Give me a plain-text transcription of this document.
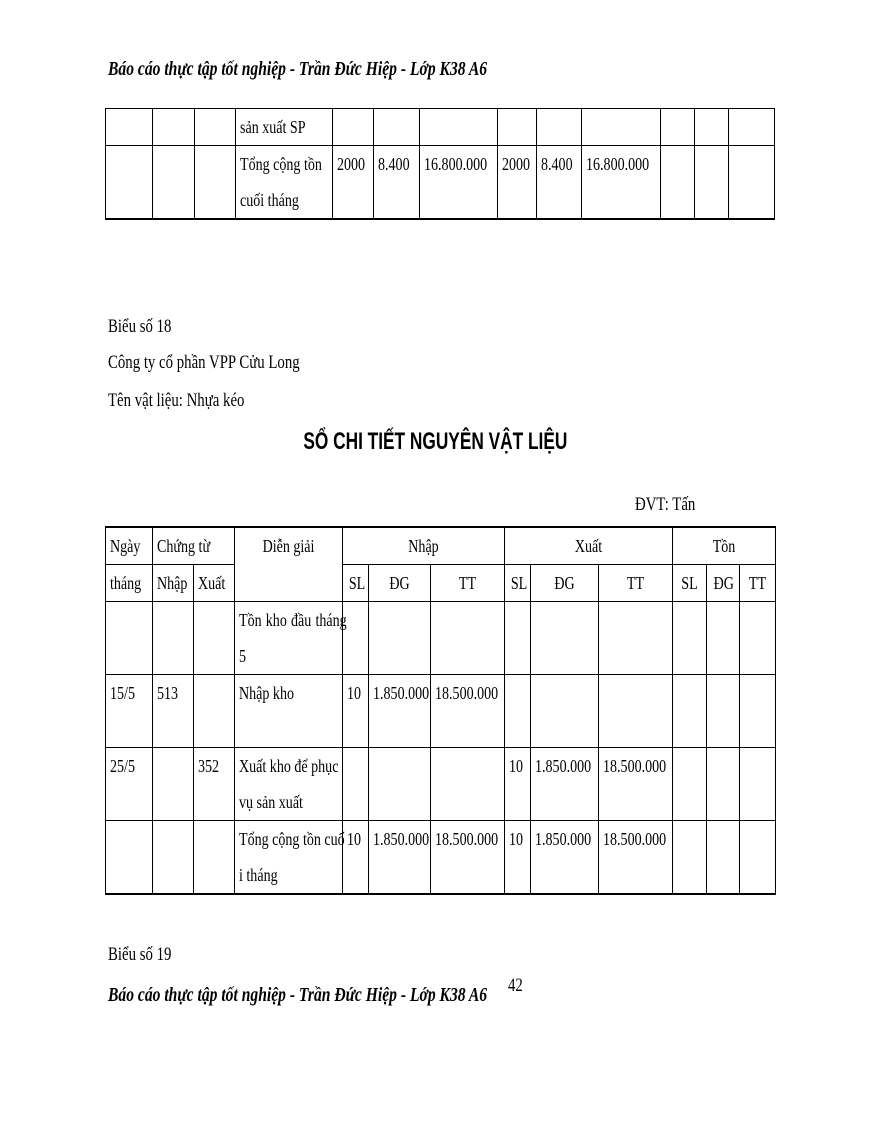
Báo cáo thực tập tốt nghiệp - Trần Đức Hiệp - Lớp K38 A6

			sản xuất SP									

			Tổng cộng tồn cuối tháng	2000	8.400	16.800.000	2000	8.400	16.800.000			

Biểu số 18
Công ty cổ phần VPP Cửu Long
Tên vật liệu: Nhựa kéo
SỔ CHI TIẾT NGUYÊN VẬT LIỆU
ĐVT: Tấn
Ngày	Chứng từ		Diễn giải	Nhập			Xuất			Tồn		

tháng	Nhập	Xuất		SL	ĐG	TT	SL	ĐG	TT	SL	ĐG	TT

			Tồn kho đầu tháng 5									

15/5	513		Nhập kho	10	1.850.000	18.500.000						

25/5		352	Xuất kho để phục vụ sản xuất				10	1.850.000	18.500.000			

			Tổng cộng tồn cuối tháng	10	1.850.000	18.500.000	10	1.850.000	18.500.000			

Biểu số 19
Báo cáo thực tập tốt nghiệp - Trần Đức Hiệp - Lớp K38 A6 42
